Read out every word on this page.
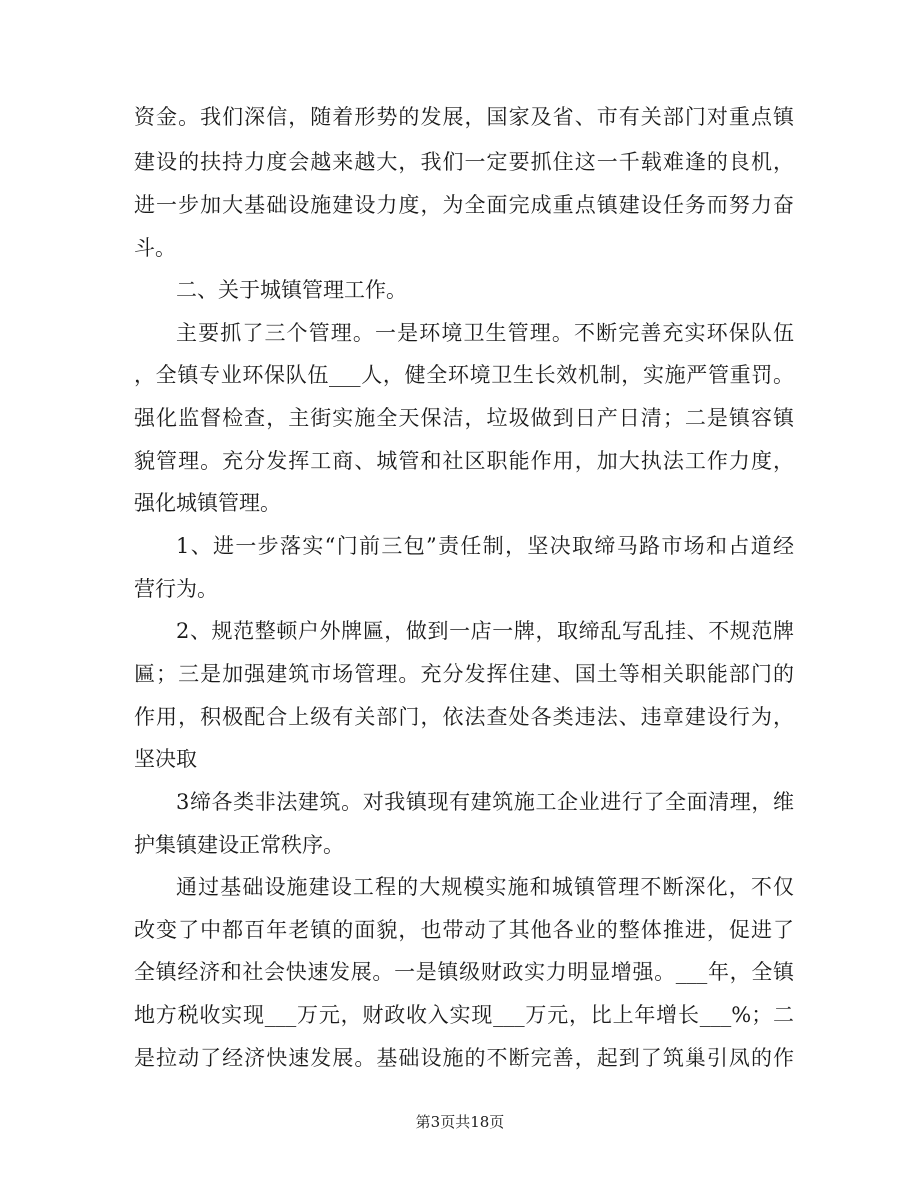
资金。我们深信，随着形势的发展，国家及省、市有关部门对重点镇
建设的扶持力度会越来越大，我们一定要抓住这一千载难逢的良机，
进一步加大基础设施建设力度，为全面完成重点镇建设任务而努力奋
斗。
二、关于城镇管理工作。
主要抓了三个管理。一是环境卫生管理。不断完善充实环保队伍
，全镇专业环保队伍___人，健全环境卫生长效机制，实施严管重罚。
强化监督检查，主街实施全天保洁，垃圾做到日产日清；二是镇容镇
貌管理。充分发挥工商、城管和社区职能作用，加大执法工作力度，
强化城镇管理。
1、进一步落实“门前三包”责任制，坚决取缔马路市场和占道经
营行为。
2、规范整顿户外牌匾，做到一店一牌，取缔乱写乱挂、不规范牌
匾；三是加强建筑市场管理。充分发挥住建、国土等相关职能部门的
作用，积极配合上级有关部门，依法查处各类违法、违章建设行为，
坚决取
3缔各类非法建筑。对我镇现有建筑施工企业进行了全面清理，维
护集镇建设正常秩序。
通过基础设施建设工程的大规模实施和城镇管理不断深化，不仅
改变了中都百年老镇的面貌，也带动了其他各业的整体推进，促进了
全镇经济和社会快速发展。一是镇级财政实力明显增强。___年，全镇
地方税收实现___万元，财政收入实现___万元，比上年增长___%；二
是拉动了经济快速发展。基础设施的不断完善，起到了筑巢引凤的作
第3页共18页
